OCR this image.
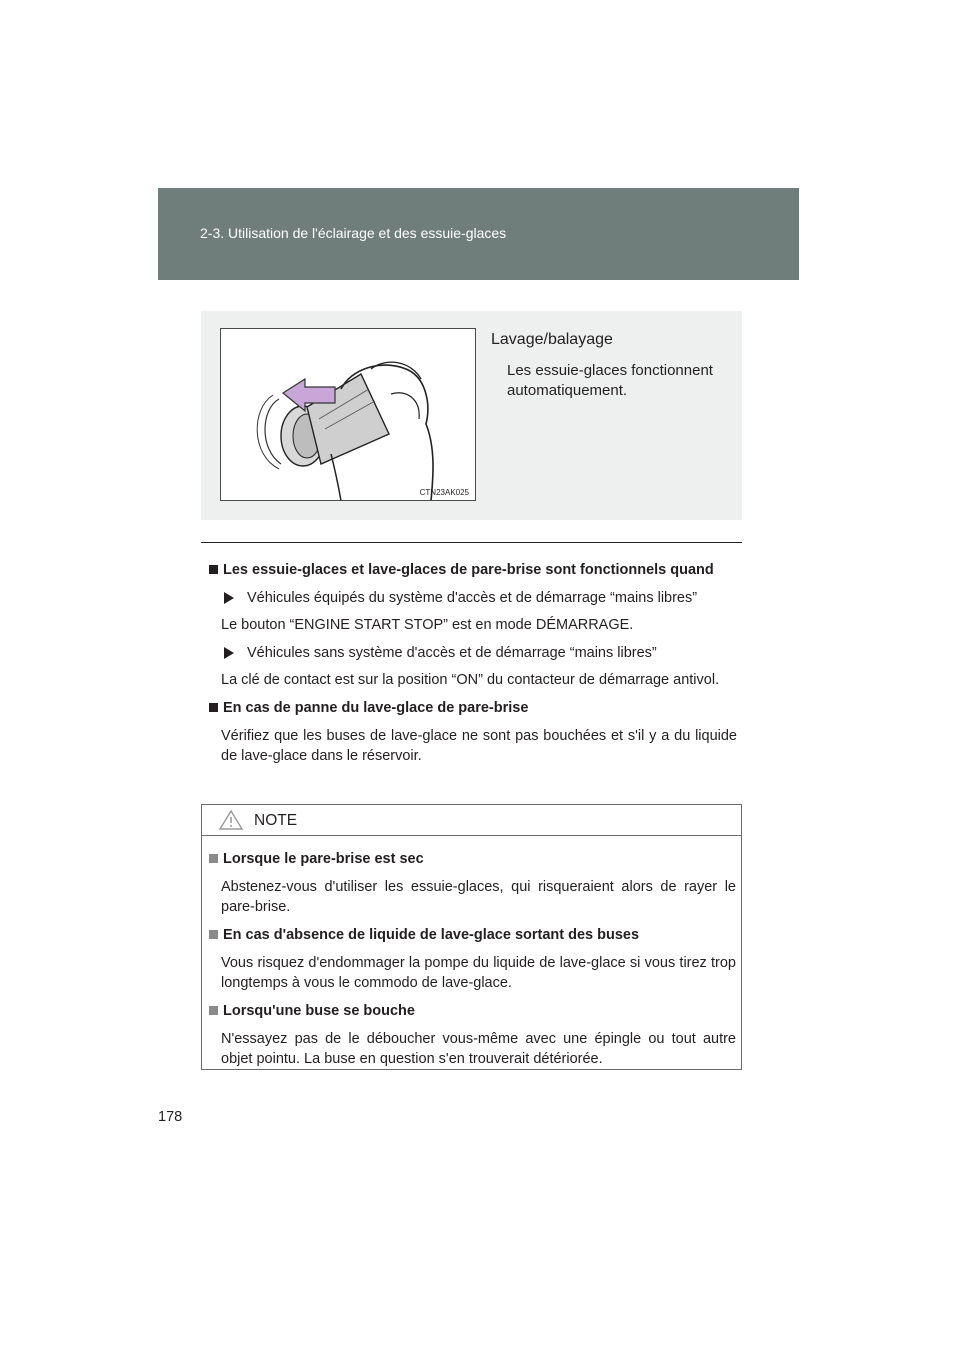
2-3. Utilisation de l'éclairage et des essuie-glaces
CTN23AK025
Lavage/balayage
Les essuie-glaces fonctionnent automatiquement.
Les essuie-glaces et lave-glaces de pare-brise sont fonctionnels quand
Véhicules équipés du système d'accès et de démarrage “mains libres”
Le bouton “ENGINE START STOP” est en mode DÉMARRAGE.
Véhicules sans système d'accès et de démarrage “mains libres”
La clé de contact est sur la position “ON” du contacteur de démarrage antivol.
En cas de panne du lave-glace de pare-brise
Vérifiez que les buses de lave-glace ne sont pas bouchées et s'il y a du liquide de lave-glace dans le réservoir.
NOTE
Lorsque le pare-brise est sec
Abstenez-vous d'utiliser les essuie-glaces, qui risqueraient alors de rayer le pare-brise.
En cas d'absence de liquide de lave-glace sortant des buses
Vous risquez d'endommager la pompe du liquide de lave-glace si vous tirez trop longtemps à vous le commodo de lave-glace.
Lorsqu'une buse se bouche
N'essayez pas de le déboucher vous-même avec une épingle ou tout autre objet pointu. La buse en question s'en trouverait détériorée.
178
